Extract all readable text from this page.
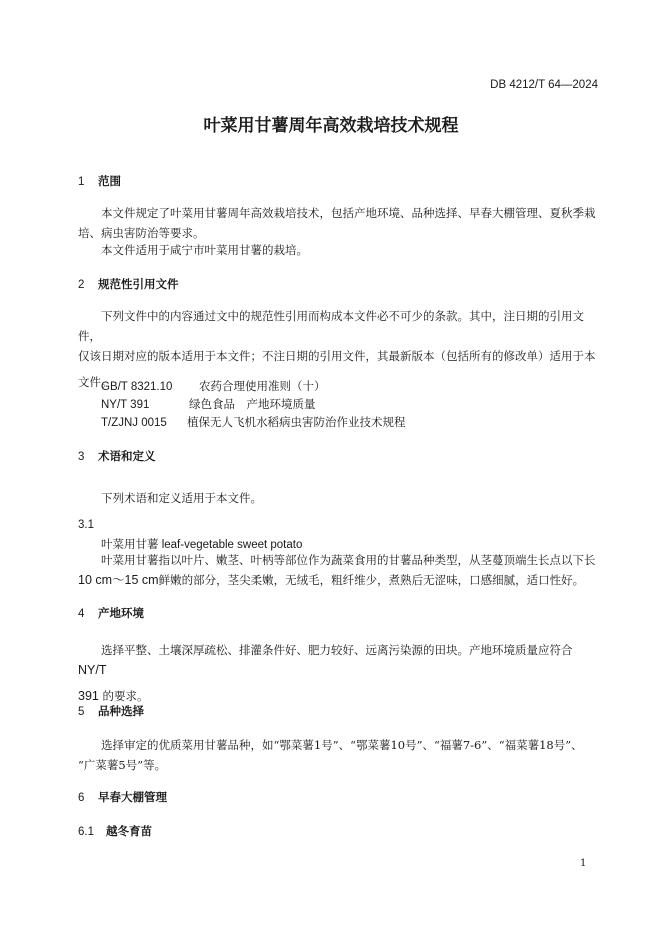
DB 4212/T 64—2024
叶菜用甘薯周年高效栽培技术规程
1 范围
本文件规定了叶菜用甘薯周年高效栽培技术，包括产地环境、品种选择、早春大棚管理、夏秋季栽
培、病虫害防治等要求。
本文件适用于咸宁市叶菜用甘薯的栽培。
2 规范性引用文件
下列文件中的内容通过文中的规范性引用而构成本文件必不可少的条款。其中，注日期的引用文件，
仅该日期对应的版本适用于本文件；不注日期的引用文件，其最新版本（包括所有的修改单）适用于本
文件。
GB/T 8321.10 农药合理使用准则（十）
NY/T 391	绿色食品　产地环境质量
T/ZJNJ 0015 植保无人飞机水稻病虫害防治作业技术规程
3 术语和定义
下列术语和定义适用于本文件。
3.1
叶菜用甘薯 leaf-vegetable sweet potato
叶菜用甘薯指以叶片、嫩茎、叶柄等部位作为蔬菜食用的甘薯品种类型，从茎蔓顶端生长点以下长
10 cm～15 cm鲜嫩的部分，茎尖柔嫩，无绒毛，粗纤维少，煮熟后无涩味，口感细腻，适口性好。
4 产地环境
选择平整、土壤深厚疏松、排灌条件好、肥力较好、远离污染源的田块。产地环境质量应符合 NY/T
391 的要求。
5 品种选择
选择审定的优质菜用甘薯品种，如“鄂菜薯1号”、“鄂菜薯10号”、“福薯7-6”、“福菜薯18号”、
“广菜薯5号”等。
6 早春大棚管理
6.1 越冬育苗
1
